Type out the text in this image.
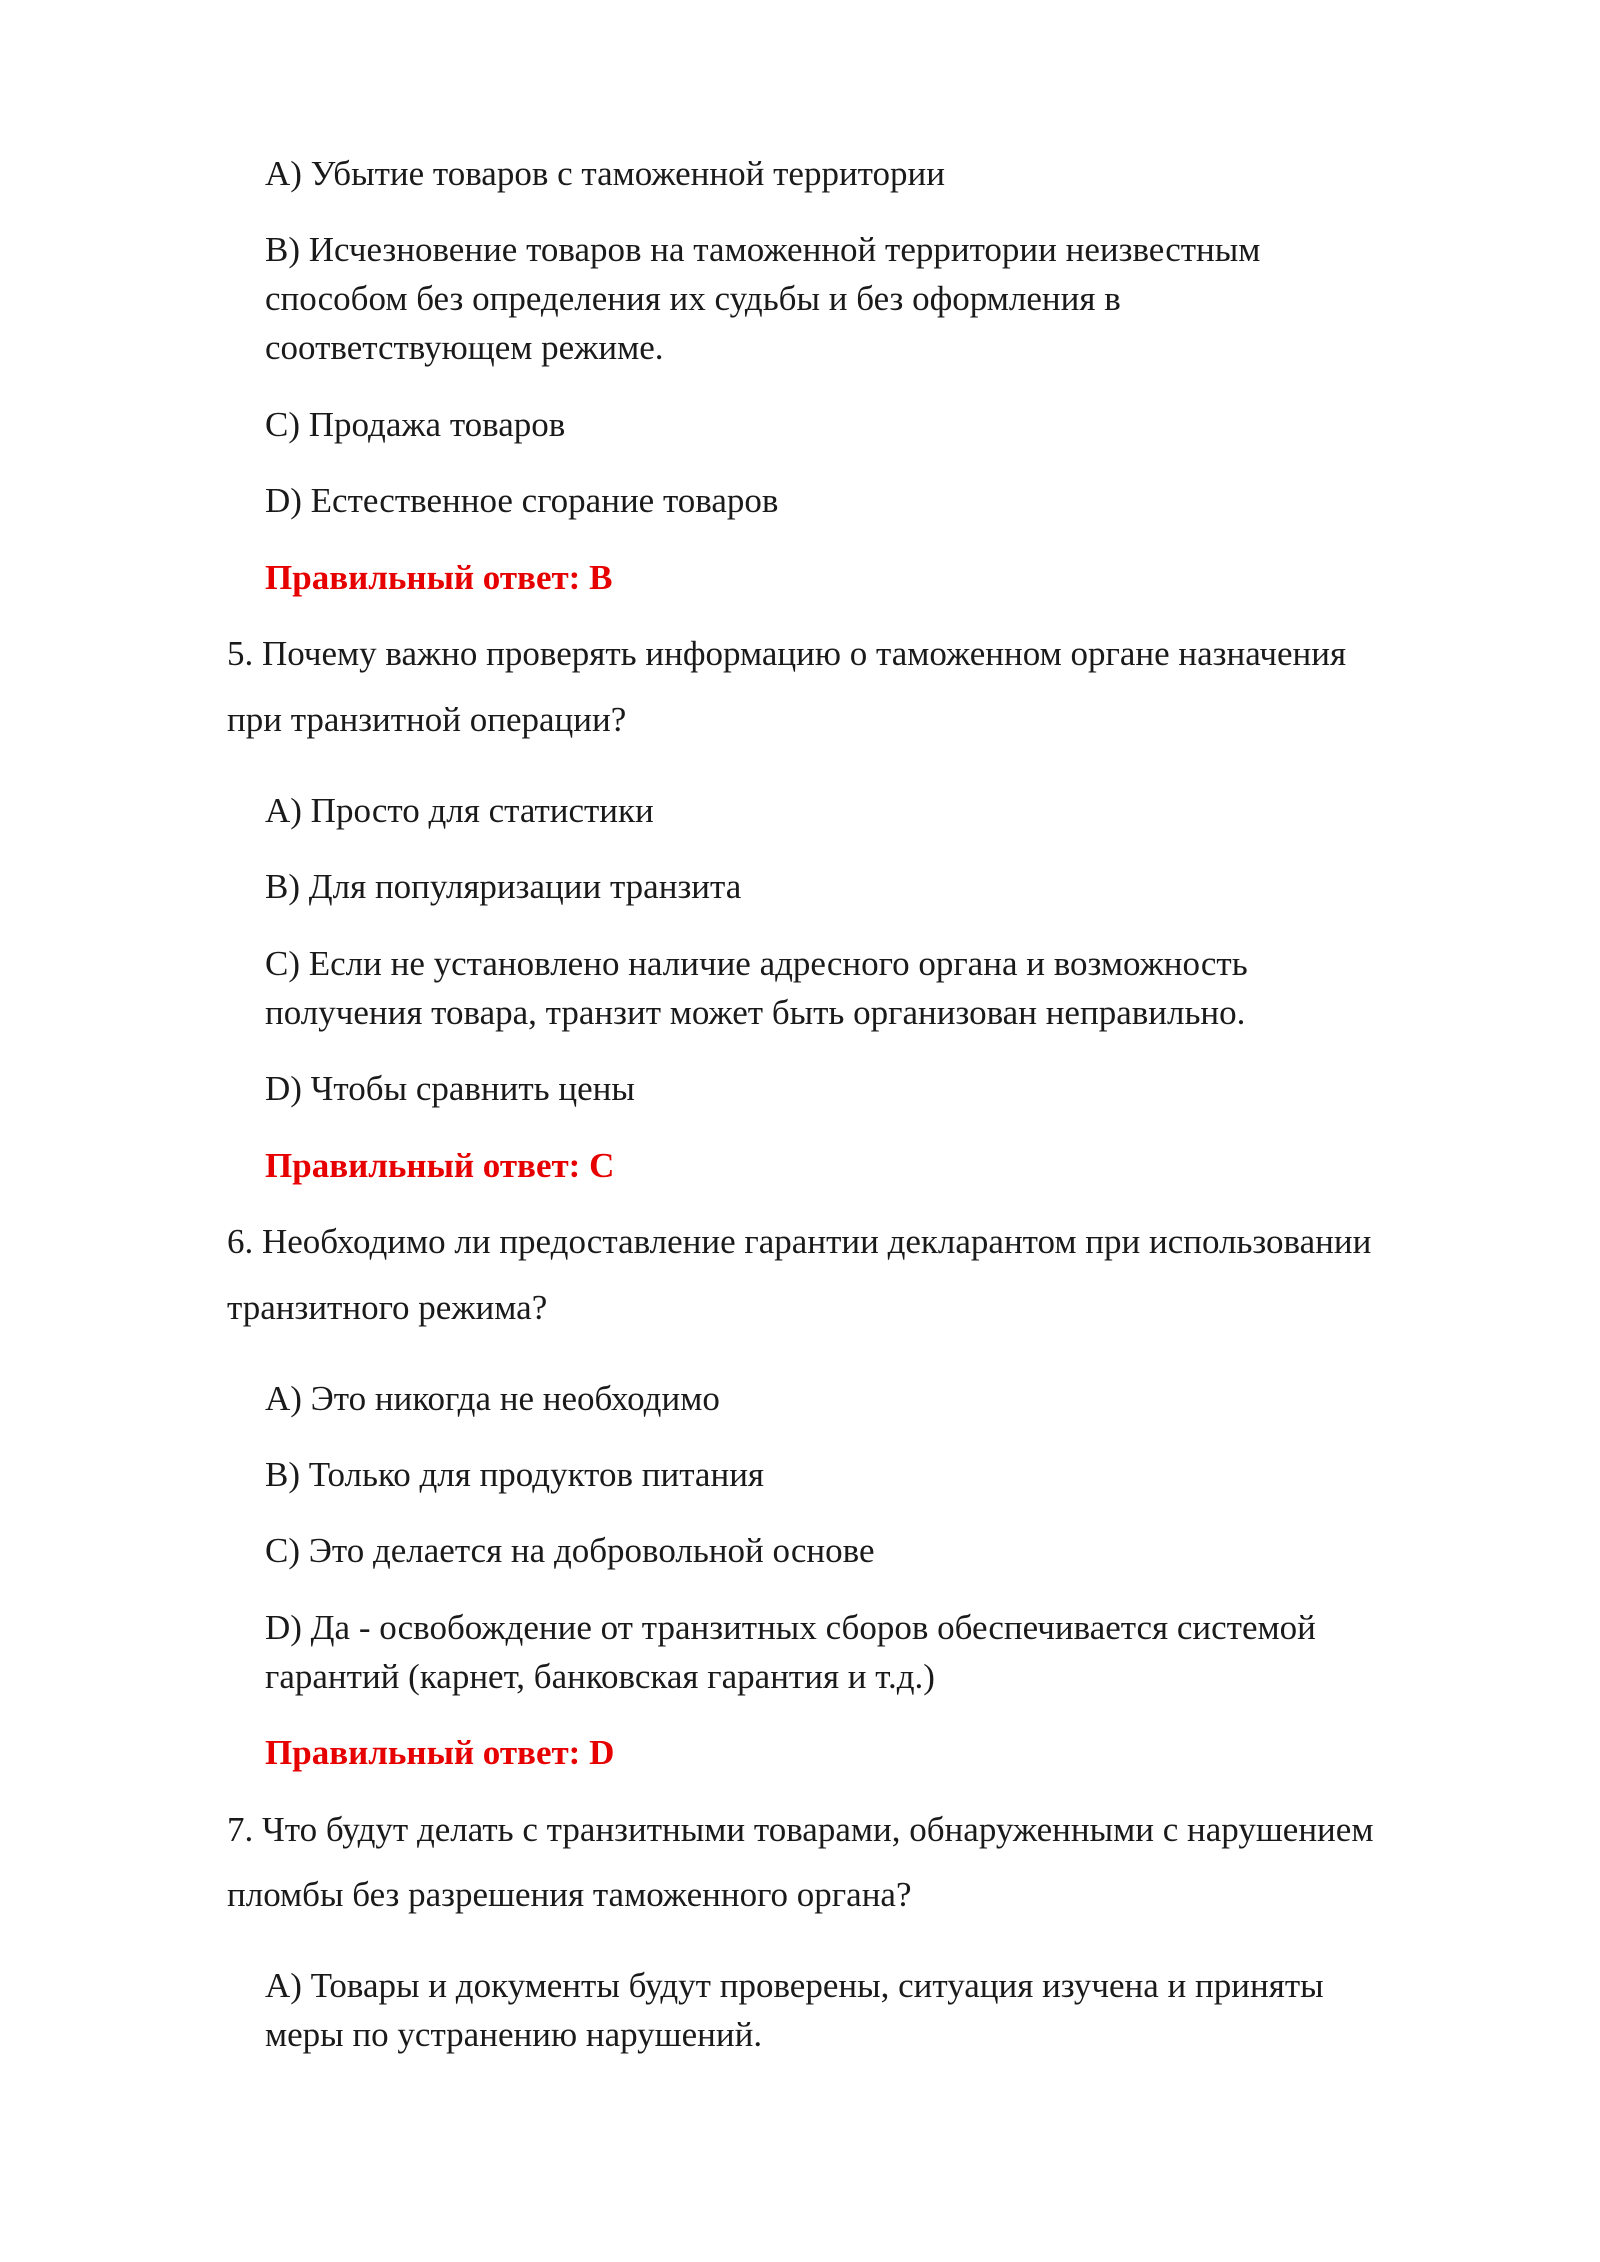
A) Убытие товаров с таможенной территории
B) Исчезновение товаров на таможенной территории неизвестным
способом без определения их судьбы и без оформления в
соответствующем режиме.
C) Продажа товаров
D) Естественное сгорание товаров
Правильный ответ: B
5. Почему важно проверять информацию о таможенном органе назначения
при транзитной операции?
A) Просто для статистики
B) Для популяризации транзита
C) Если не установлено наличие адресного органа и возможность
получения товара, транзит может быть организован неправильно.
D) Чтобы сравнить цены
Правильный ответ: C
6. Необходимо ли предоставление гарантии декларантом при использовании
транзитного режима?
A) Это никогда не необходимо
B) Только для продуктов питания
C) Это делается на добровольной основе
D) Да - освобождение от транзитных сборов обеспечивается системой
гарантий (карнет, банковская гарантия и т.д.)
Правильный ответ: D
7. Что будут делать с транзитными товарами, обнаруженными с нарушением
пломбы без разрешения таможенного органа?
A) Товары и документы будут проверены, ситуация изучена и приняты
меры по устранению нарушений.
